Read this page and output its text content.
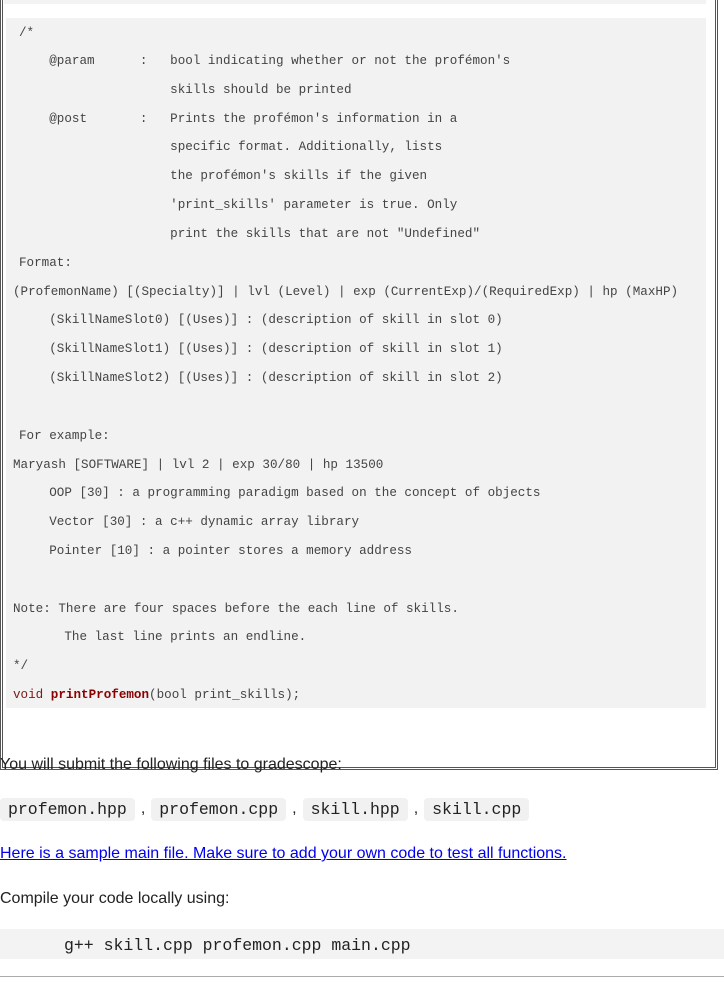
/*
@param      :   bool indicating whether or not the profémon's
skills should be printed
@post       :   Prints the profémon's information in a
specific format. Additionally, lists
the profémon's skills if the given
'print_skills' parameter is true. Only
print the skills that are not "Undefined"
Format:
(ProfemonName) [(Specialty)] | lvl (Level) | exp (CurrentExp)/(RequiredExp) | hp (MaxHP)
(SkillNameSlot0) [(Uses)] : (description of skill in slot 0)
(SkillNameSlot1) [(Uses)] : (description of skill in slot 1)
(SkillNameSlot2) [(Uses)] : (description of skill in slot 2)
For example:
Maryash [SOFTWARE] | lvl 2 | exp 30/80 | hp 13500
OOP [30] : a programming paradigm based on the concept of objects
Vector [30] : a c++ dynamic array library
Pointer [10] : a pointer stores a memory address
Note: There are four spaces before the each line of skills.
The last line prints an endline.
*/
void printProfemon(bool print_skills);
You will submit the following files to gradescope:
profemon.hpp , profemon.cpp , skill.hpp , skill.cpp
Here is a sample main file. Make sure to add your own code to test all functions.
Compile your code locally using:
g++ skill.cpp profemon.cpp main.cpp
